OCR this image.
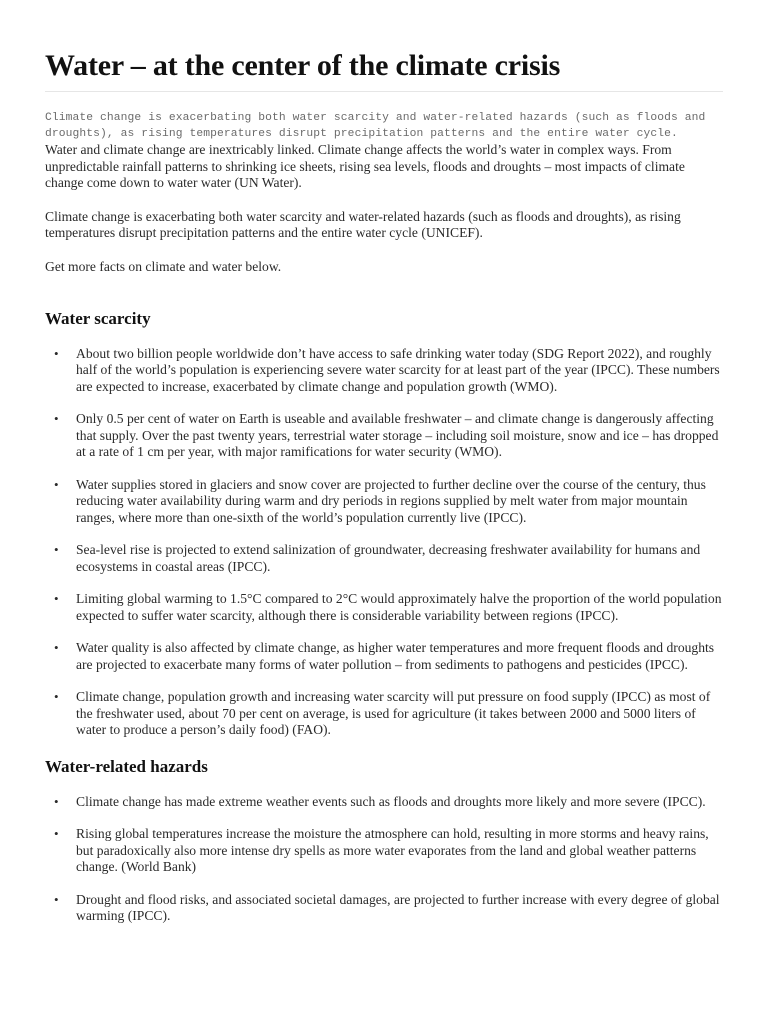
Water – at the center of the climate crisis

Climate change is exacerbating both water scarcity and water-related hazards (such as floods and droughts), as rising temperatures disrupt precipitation patterns and the entire water cycle.

Water and climate change are inextricably linked. Climate change affects the world’s water in complex ways. From unpredictable rainfall patterns to shrinking ice sheets, rising sea levels, floods and droughts – most impacts of climate change come down to water water (UN Water).

Climate change is exacerbating both water scarcity and water-related hazards (such as floods and droughts), as rising temperatures disrupt precipitation patterns and the entire water cycle (UNICEF).

Get more facts on climate and water below.

Water scarcity
• About two billion people worldwide don’t have access to safe drinking water today (SDG Report 2022), and roughly half of the world’s population is experiencing severe water scarcity for at least part of the year (IPCC). These numbers are expected to increase, exacerbated by climate change and population growth (WMO).
• Only 0.5 per cent of water on Earth is useable and available freshwater – and climate change is dangerously affecting that supply. Over the past twenty years, terrestrial water storage – including soil moisture, snow and ice – has dropped at a rate of 1 cm per year, with major ramifications for water security (WMO).
• Water supplies stored in glaciers and snow cover are projected to further decline over the course of the century, thus reducing water availability during warm and dry periods in regions supplied by melt water from major mountain ranges, where more than one-sixth of the world’s population currently live (IPCC).
• Sea-level rise is projected to extend salinization of groundwater, decreasing freshwater availability for humans and ecosystems in coastal areas (IPCC).
• Limiting global warming to 1.5°C compared to 2°C would approximately halve the proportion of the world population expected to suffer water scarcity, although there is considerable variability between regions (IPCC).
• Water quality is also affected by climate change, as higher water temperatures and more frequent floods and droughts are projected to exacerbate many forms of water pollution – from sediments to pathogens and pesticides (IPCC).
• Climate change, population growth and increasing water scarcity will put pressure on food supply (IPCC) as most of the freshwater used, about 70 per cent on average, is used for agriculture (it takes between 2000 and 5000 liters of water to produce a person’s daily food) (FAO).
Water-related hazards
• Climate change has made extreme weather events such as floods and droughts more likely and more severe (IPCC).
• Rising global temperatures increase the moisture the atmosphere can hold, resulting in more storms and heavy rains, but paradoxically also more intense dry spells as more water evaporates from the land and global weather patterns change. (World Bank)
• Drought and flood risks, and associated societal damages, are projected to further increase with every degree of global warming (IPCC).
